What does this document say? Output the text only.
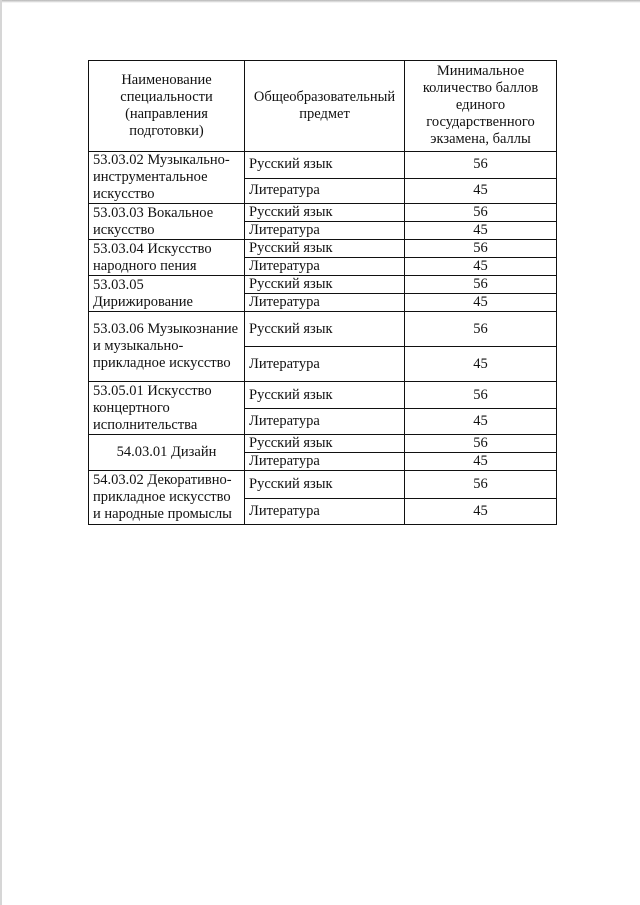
Наименование специальности (направления подготовки)	Общеобразовательный предмет	Минимальное количество баллов единого государственного экзамена, баллы
53.03.02 Музыкально-инструментальное искусство	Русский язык	56
	Литература	45
53.03.03 Вокальное искусство	Русский язык	56
	Литература	45
53.03.04 Искусство народного пения	Русский язык	56
	Литература	45
53.03.05 Дирижирование	Русский язык	56
	Литература	45
53.03.06 Музыкознание и музыкально-прикладное искусство	Русский язык	56
	Литература	45
53.05.01 Искусство концертного исполнительства	Русский язык	56
	Литература	45
54.03.01 Дизайн	Русский язык	56
	Литература	45
54.03.02 Декоративно-прикладное искусство и народные промыслы	Русский язык	56
	Литература	45
